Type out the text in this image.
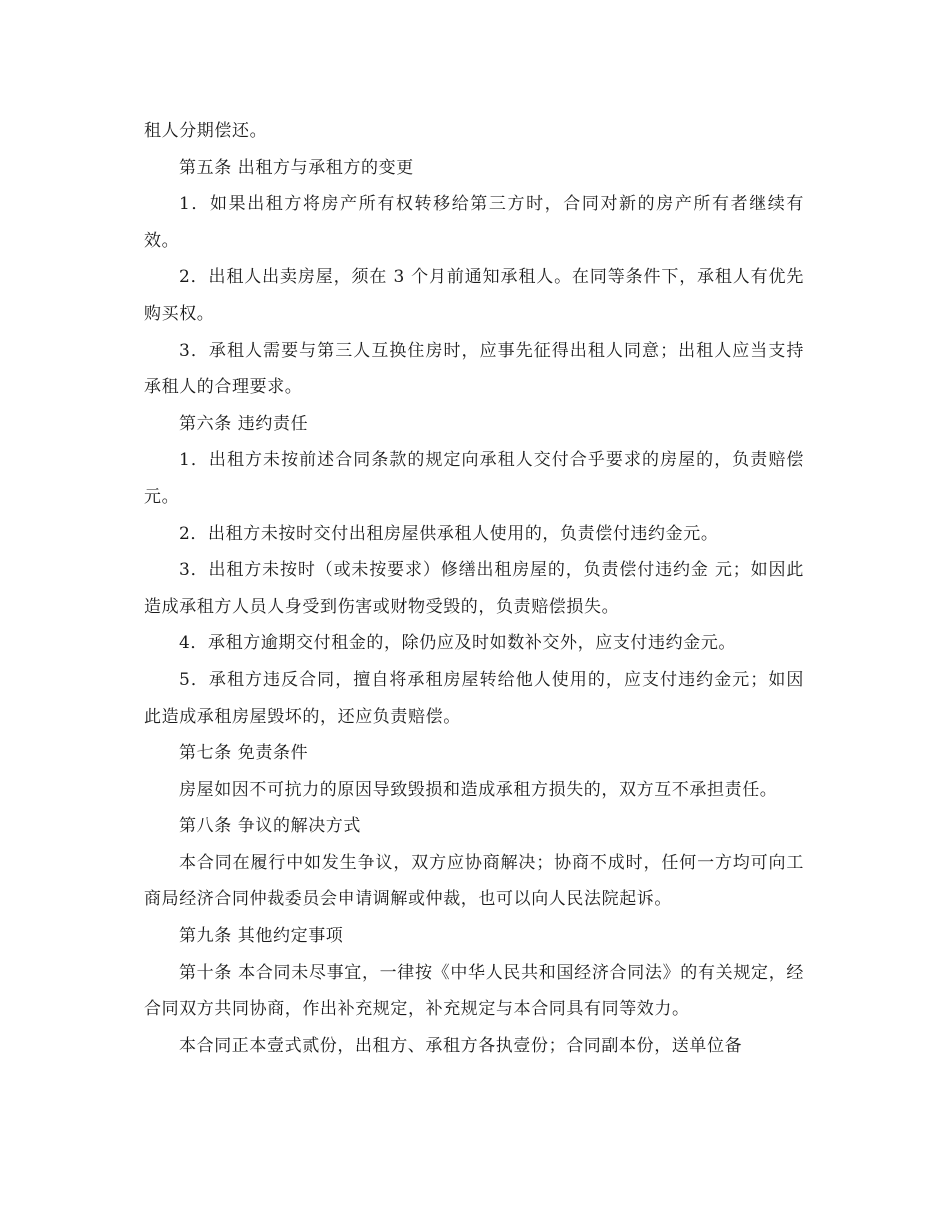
租人分期偿还。

第五条 出租方与承租方的变更

1．如果出租方将房产所有权转移给第三方时，合同对新的房产所有者继续有效。

2．出租人出卖房屋，须在 3 个月前通知承租人。在同等条件下，承租人有优先购买权。

3．承租人需要与第三人互换住房时，应事先征得出租人同意；出租人应当支持承租人的合理要求。

第六条 违约责任

1．出租方未按前述合同条款的规定向承租人交付合乎要求的房屋的，负责赔偿元。

2．出租方未按时交付出租房屋供承租人使用的，负责偿付违约金元。

3．出租方未按时（或未按要求）修缮出租房屋的，负责偿付违约金 元；如因此造成承租方人员人身受到伤害或财物受毁的，负责赔偿损失。

4．承租方逾期交付租金的，除仍应及时如数补交外，应支付违约金元。

5．承租方违反合同，擅自将承租房屋转给他人使用的，应支付违约金元；如因此造成承租房屋毁坏的，还应负责赔偿。

第七条 免责条件

房屋如因不可抗力的原因导致毁损和造成承租方损失的，双方互不承担责任。

第八条 争议的解决方式

本合同在履行中如发生争议，双方应协商解决；协商不成时，任何一方均可向工商局经济合同仲裁委员会申请调解或仲裁，也可以向人民法院起诉。

第九条 其他约定事项

第十条 本合同未尽事宜，一律按《中华人民共和国经济合同法》的有关规定，经合同双方共同协商，作出补充规定，补充规定与本合同具有同等效力。

本合同正本壹式贰份，出租方、承租方各执壹份；合同副本份，送单位备
